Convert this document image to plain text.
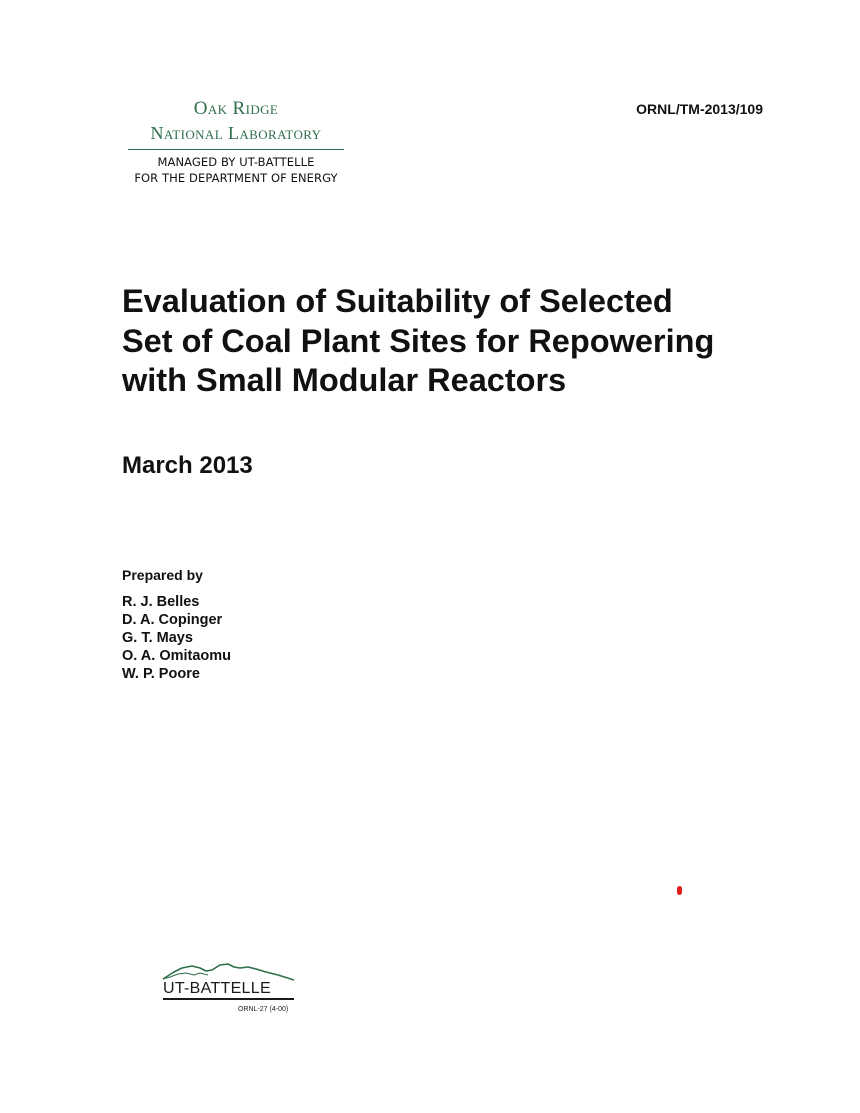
Oak Ridge
National Laboratory
MANAGED BY UT-BATTELLE
FOR THE DEPARTMENT OF ENERGY
ORNL/TM-2013/109
Evaluation of Suitability of Selected
Set of Coal Plant Sites for Repowering
with Small Modular Reactors
March 2013
Prepared by
R. J. Belles
D. A. Copinger
G. T. Mays
O. A. Omitaomu
W. P. Poore
UT-BATTELLE
ORNL-27 (4-00)
